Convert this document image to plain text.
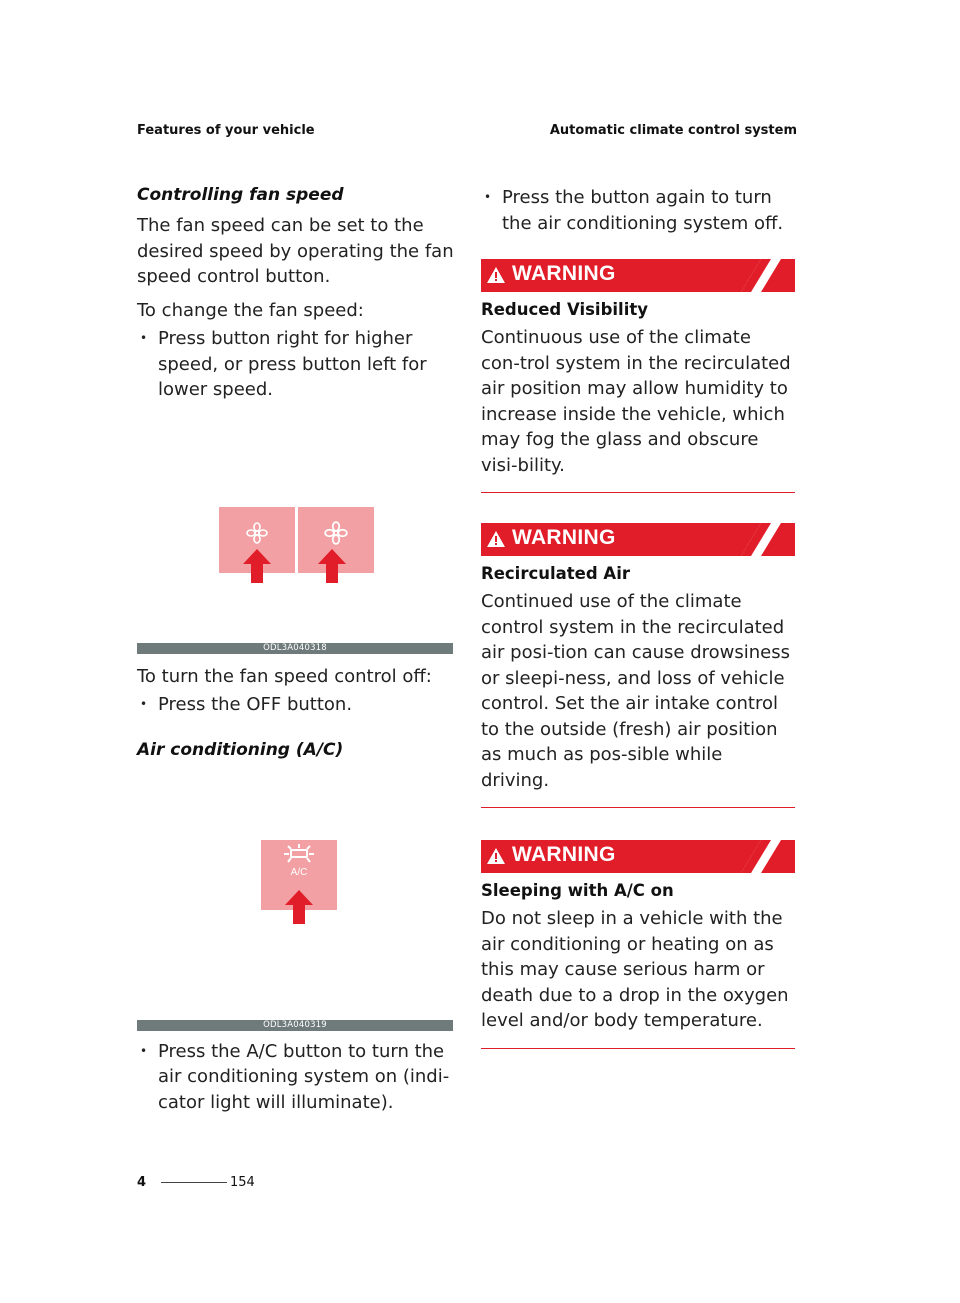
Features of your vehicle	Automatic climate control system
Controlling fan speed
The fan speed can be set to the desired speed by operating the fan speed control button.
To change the fan speed:
• Press button right for higher speed, or press button left for lower speed.
ODL3A040318
To turn the fan speed control off:
• Press the OFF button.
Air conditioning (A/C)
A/C
ODL3A040319
• Press the A/C button to turn the air conditioning system on (indi-cator light will illuminate).
• Press the button again to turn the air conditioning system off.
WARNING
Reduced Visibility
Continuous use of the climate con-trol system in the recirculated air position may allow humidity to increase inside the vehicle, which may fog the glass and obscure visi-bility.
WARNING
Recirculated Air
Continued use of the climate control system in the recirculated air posi-tion can cause drowsiness or sleepi-ness, and loss of vehicle control. Set the air intake control to the outside (fresh) air position as much as pos-sible while driving.
WARNING
Sleeping with A/C on
Do not sleep in a vehicle with the air conditioning or heating on as this may cause serious harm or death due to a drop in the oxygen level and/or body temperature.
4	154
